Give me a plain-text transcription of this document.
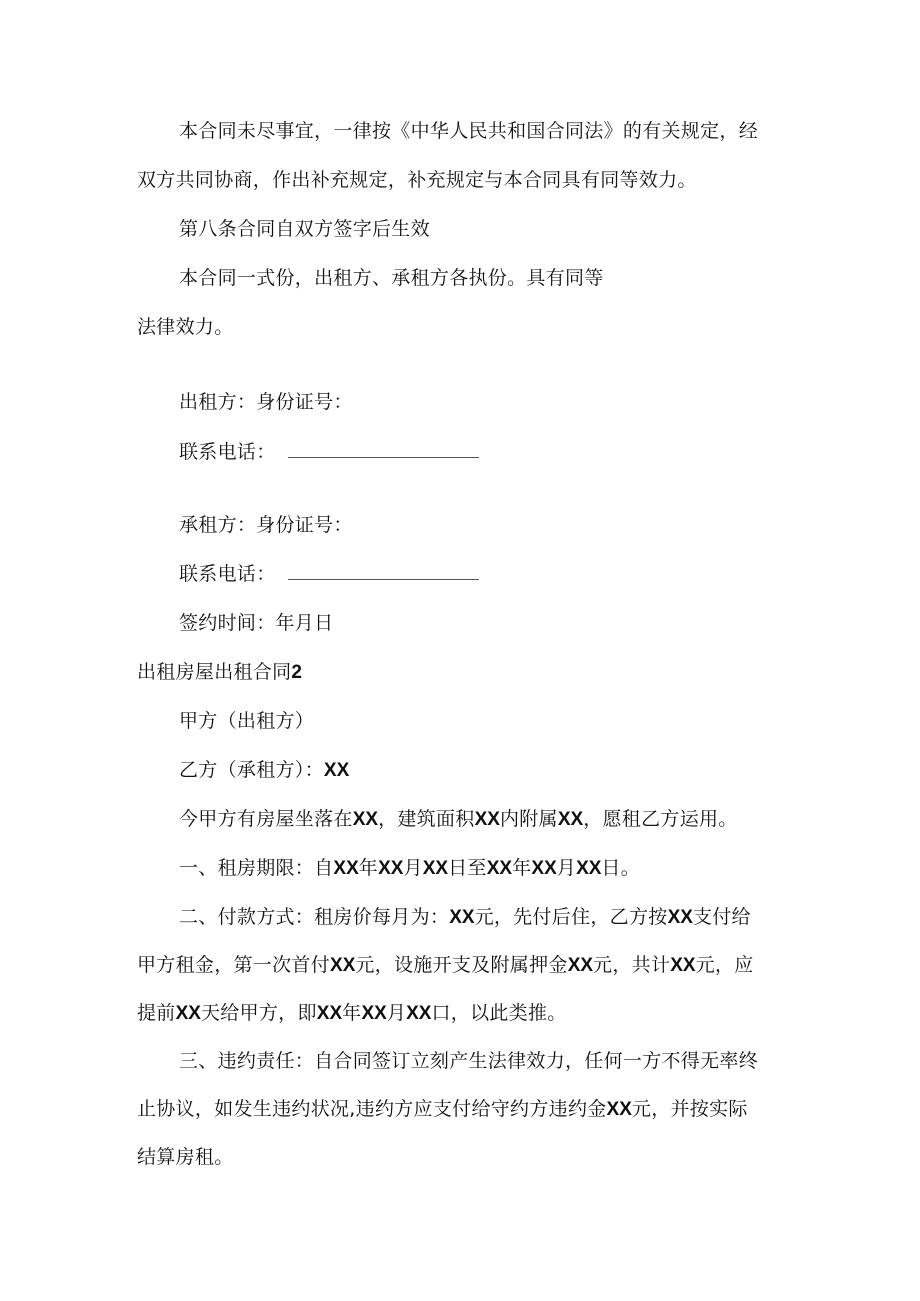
本合同未尽事宜，一律按《中华人民共和国合同法》的有关规定，经
双方共同协商，作出补充规定，补充规定与本合同具有同等效力。
第八条合同自双方签字后生效
本合同一式份，出租方、承租方各执份。具有同等
法律效力。
出租方：身份证号：
联系电话：
承租方：身份证号：
联系电话：
签约时间：年月日
出租房屋出租合同2
甲方（出租方）
乙方（承租方）：XX
今甲方有房屋坐落在XX，建筑面积XX内附属XX，愿租乙方运用。
一、租房期限：自XX年XX月XX日至XX年XX月XX日。
二、付款方式：租房价每月为：XX元，先付后住，乙方按XX支付给
甲方租金，第一次首付XX元，设施开支及附属押金XX元，共计XX元，应
提前XX天给甲方，即XX年XX月XX口，以此类推。
三、违约责任：自合同签订立刻产生法律效力，任何一方不得无率终
止协议，如发生违约状况,违约方应支付给守约方违约金XX元，并按实际
结算房租。
